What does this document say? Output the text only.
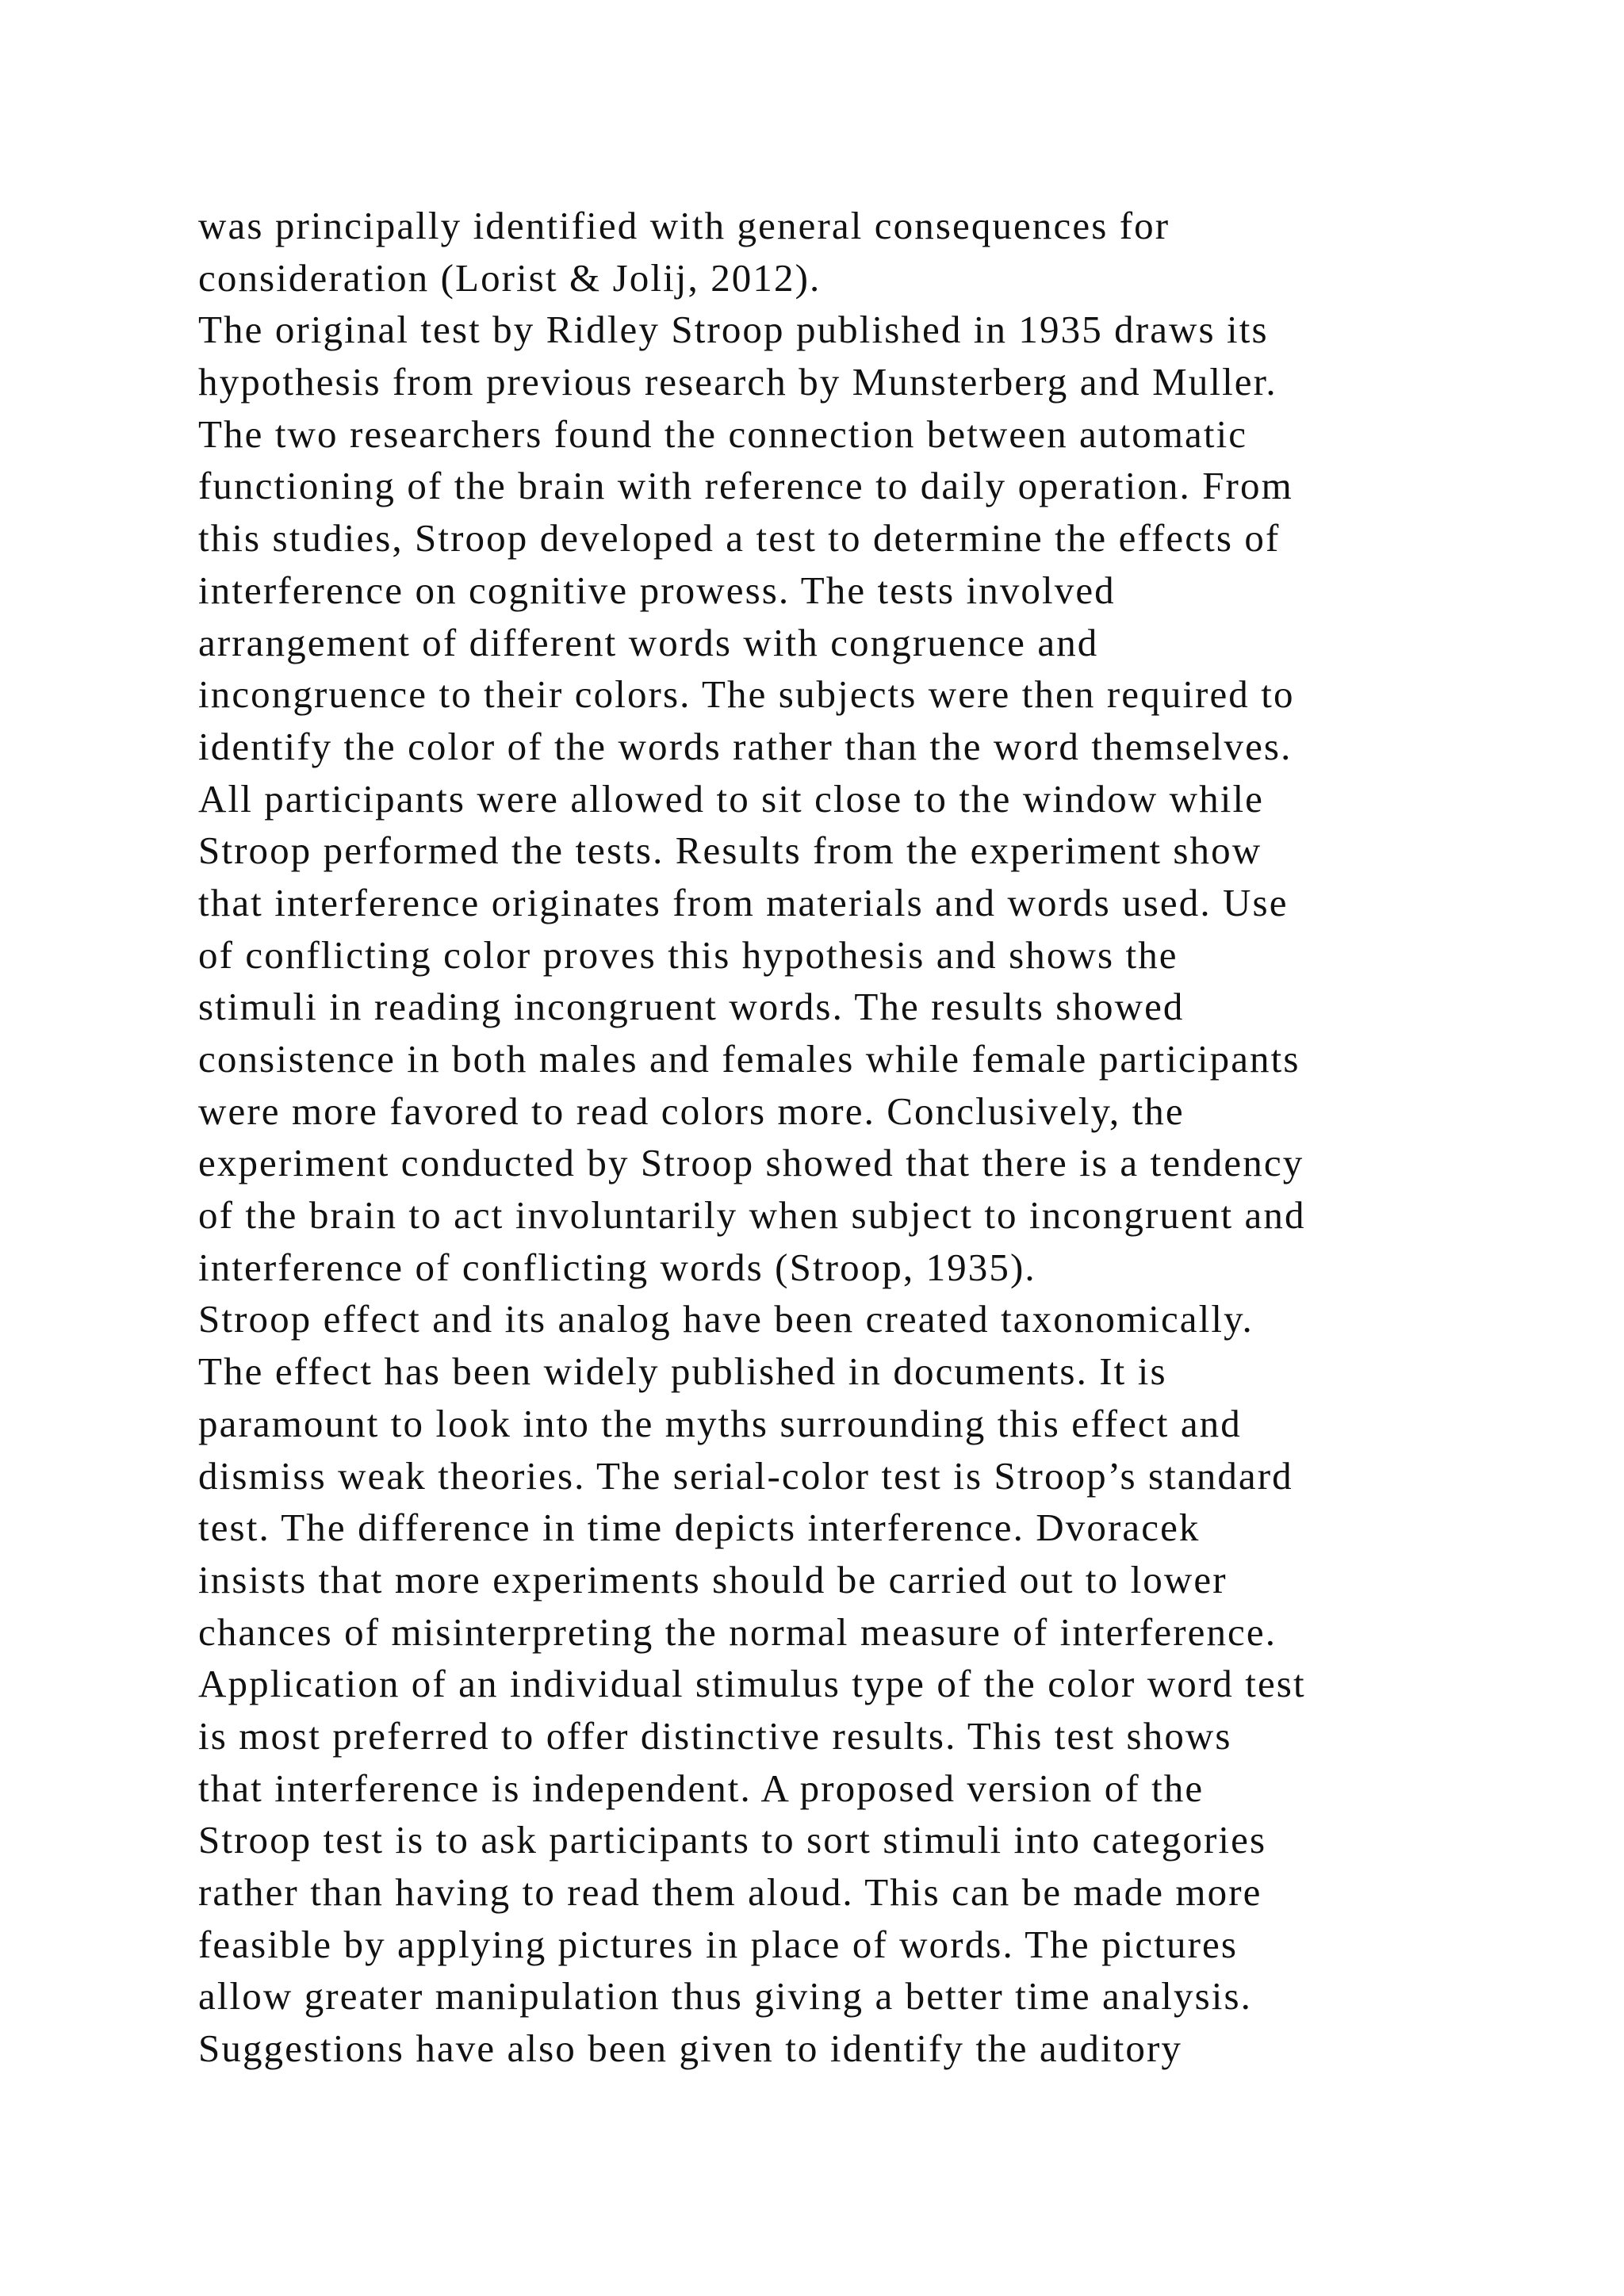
was principally identified with general consequences for
consideration (Lorist & Jolij, 2012).
The original test by Ridley Stroop published in 1935 draws its
hypothesis from previous research by Munsterberg and Muller.
The two researchers found the connection between automatic
functioning of the brain with reference to daily operation. From
this studies, Stroop developed a test to determine the effects of
interference on cognitive prowess. The tests involved
arrangement of different words with congruence and
incongruence to their colors. The subjects were then required to
identify the color of the words rather than the word themselves.
All participants were allowed to sit close to the window while
Stroop performed the tests. Results from the experiment show
that interference originates from materials and words used. Use
of conflicting color proves this hypothesis and shows the
stimuli in reading incongruent words. The results showed
consistence in both males and females while female participants
were more favored to read colors more. Conclusively, the
experiment conducted by Stroop showed that there is a tendency
of the brain to act involuntarily when subject to incongruent and
interference of conflicting words (Stroop, 1935).
Stroop effect and its analog have been created taxonomically.
The effect has been widely published in documents. It is
paramount to look into the myths surrounding this effect and
dismiss weak theories. The serial-color test is Stroop’s standard
test. The difference in time depicts interference. Dvoracek
insists that more experiments should be carried out to lower
chances of misinterpreting the normal measure of interference.
Application of an individual stimulus type of the color word test
is most preferred to offer distinctive results. This test shows
that interference is independent. A proposed version of the
Stroop test is to ask participants to sort stimuli into categories
rather than having to read them aloud. This can be made more
feasible by applying pictures in place of words. The pictures
allow greater manipulation thus giving a better time analysis.
Suggestions have also been given to identify the auditory
